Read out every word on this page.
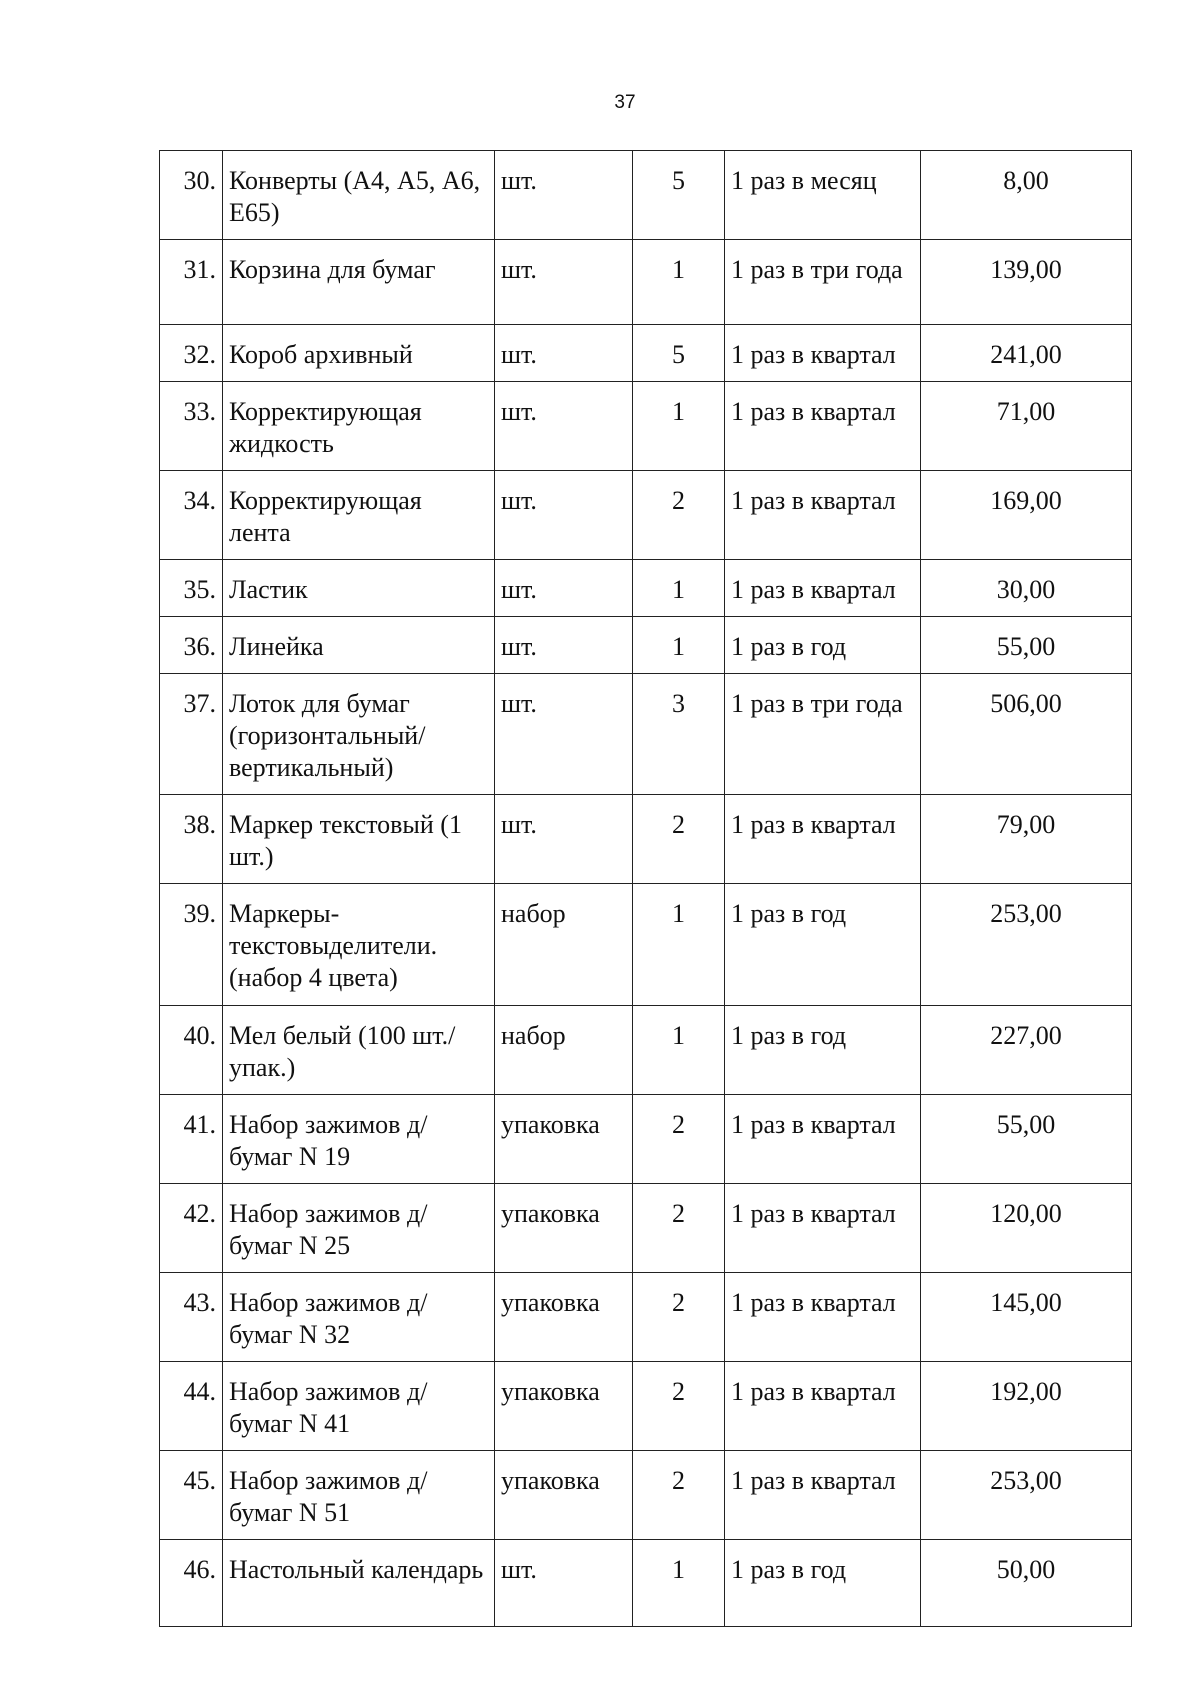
37
30.	Конверты (А4, А5, А6, Е65)	шт.	5	1 раз в месяц	8,00
31.	Корзина для бумаг	шт.	1	1 раз в три года	139,00
32.	Короб архивный	шт.	5	1 раз в квартал	241,00
33.	Корректирующая жидкость	шт.	1	1 раз в квартал	71,00
34.	Корректирующая лента	шт.	2	1 раз в квартал	169,00
35.	Ластик	шт.	1	1 раз в квартал	30,00
36.	Линейка	шт.	1	1 раз в год	55,00
37.	Лоток для бумаг (горизонтальный/вертикальный)	шт.	3	1 раз в три года	506,00
38.	Маркер текстовый (1 шт.)	шт.	2	1 раз в квартал	79,00
39.	Маркеры-текстовыделители. (набор 4 цвета)	набор	1	1 раз в год	253,00
40.	Мел белый (100 шт./упак.)	набор	1	1 раз в год	227,00
41.	Набор зажимов д/бумаг N 19	упаковка	2	1 раз в квартал	55,00
42.	Набор зажимов д/бумаг N 25	упаковка	2	1 раз в квартал	120,00
43.	Набор зажимов д/бумаг N 32	упаковка	2	1 раз в квартал	145,00
44.	Набор зажимов д/бумаг N 41	упаковка	2	1 раз в квартал	192,00
45.	Набор зажимов д/бумаг N 51	упаковка	2	1 раз в квартал	253,00
46.	Настольный календарь	шт.	1	1 раз в год	50,00
